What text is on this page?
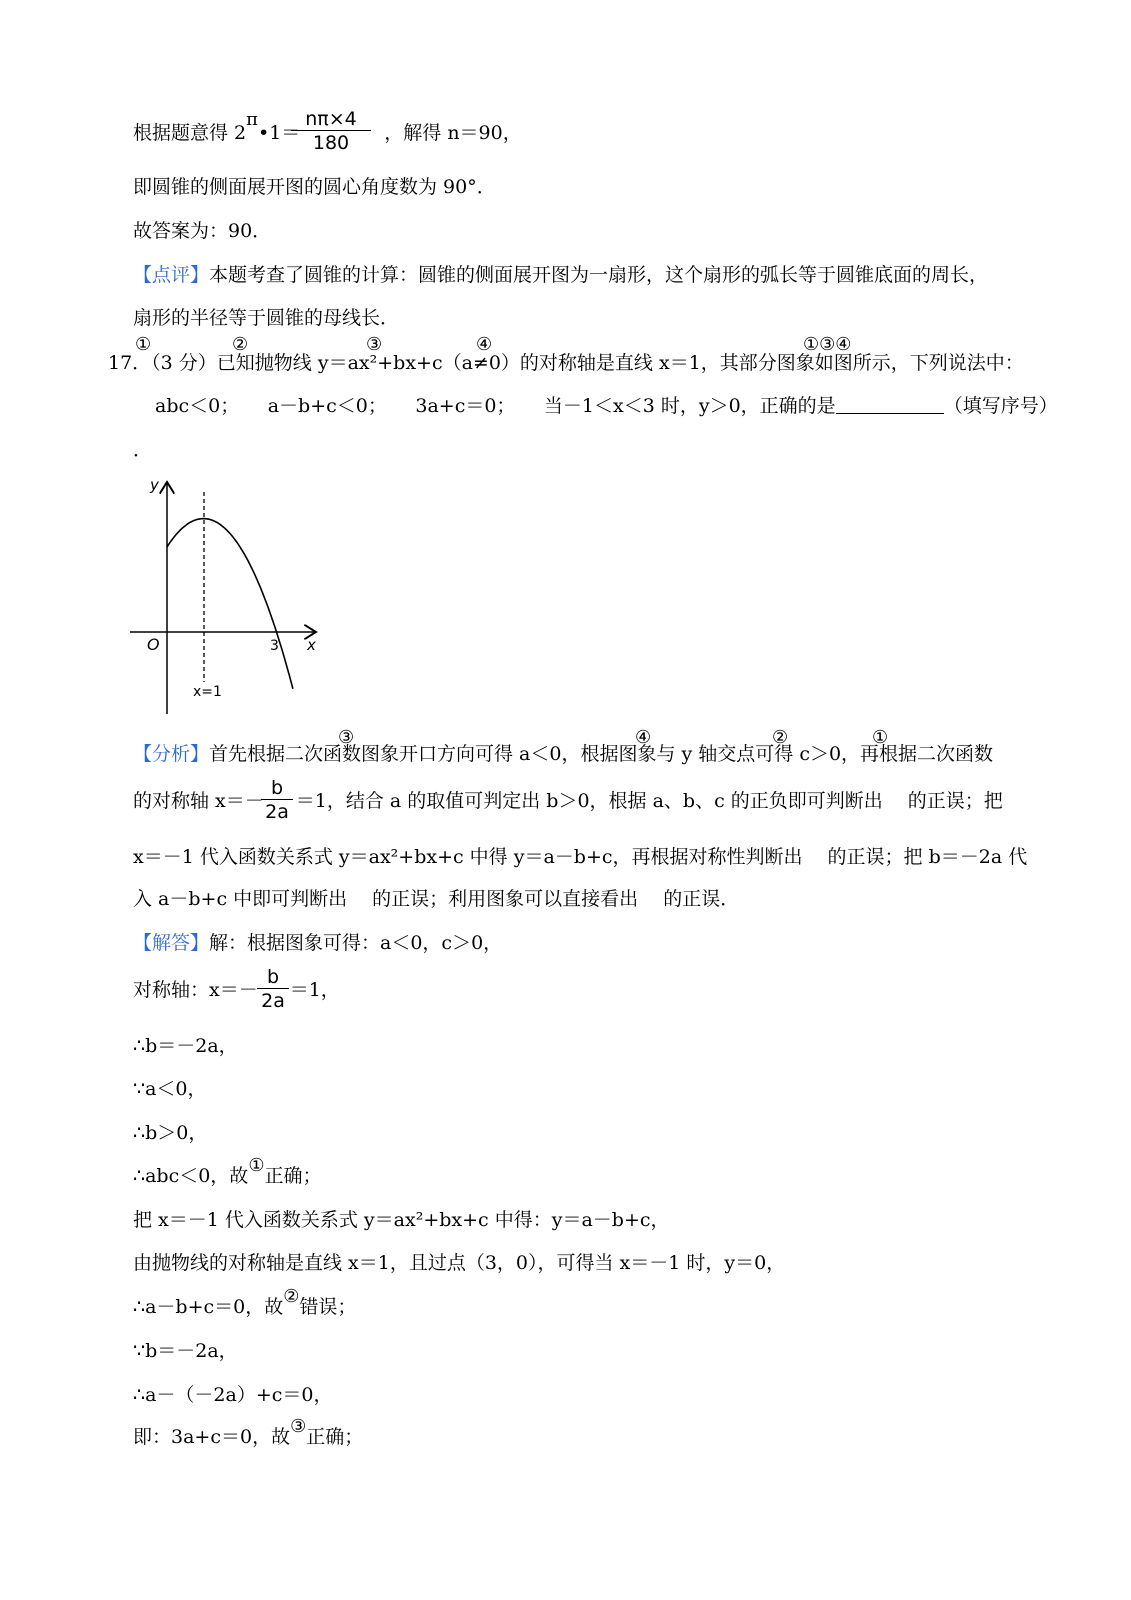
根据题意得 2π•1＝	，解得 n＝90，
$\frac{n\pi\times 4}{180}$
即圆锥的侧面展开图的圆心角度数为 90°．
故答案为：90．
【点评】本题考查了圆锥的计算：圆锥的侧面展开图为一扇形，这个扇形的弧长等于圆锥底面的周长，
扇形的半径等于圆锥的母线长．
17．（3 分）已知抛物线 y＝ax²+bx+c（a≠0）的对称轴是直线 x＝1，其部分图象如图所示，下列说法中：
①	②	③	④	①③④
abc＜0；　　a－b+c＜0；　　3a+c＝0；　　当－1＜x＜3 时，y＞0，正确的是	（填写序号）
．
y
x
O	3
x=1
【分析】首先根据二次函数图象开口方向可得 a＜0，根据图象与 y 轴交点可得 c＞0，再根据二次函数
③	④	②	①
的对称轴 x＝－ ＝1，结合 a 的取值可判定出 b＞0，根据 a、b、c 的正负即可判断出　 的正误；把
$\frac{b}{2a}$
x＝－1 代入函数关系式 y＝ax²+bx+c 中得 y＝a－b+c，再根据对称性判断出　 的正误；把 b＝－2a 代
入 a－b+c 中即可判断出　 的正误；利用图象可以直接看出　 的正误．
【解答】解：根据图象可得：a＜0，c＞0，
对称轴：x＝－ ＝1，
$\frac{b}{2a}$
∴b＝－2a，
∵a＜0，
∴b＞0，
∴abc＜0，故①正确；
把 x＝－1 代入函数关系式 y＝ax²+bx+c 中得：y＝a－b+c，
由抛物线的对称轴是直线 x＝1，且过点（3，0），可得当 x＝－1 时，y＝0，
∴a－b+c＝0，故②错误；
∵b＝－2a，
∴a－（－2a）+c＝0，
即：3a+c＝0，故③正确；
